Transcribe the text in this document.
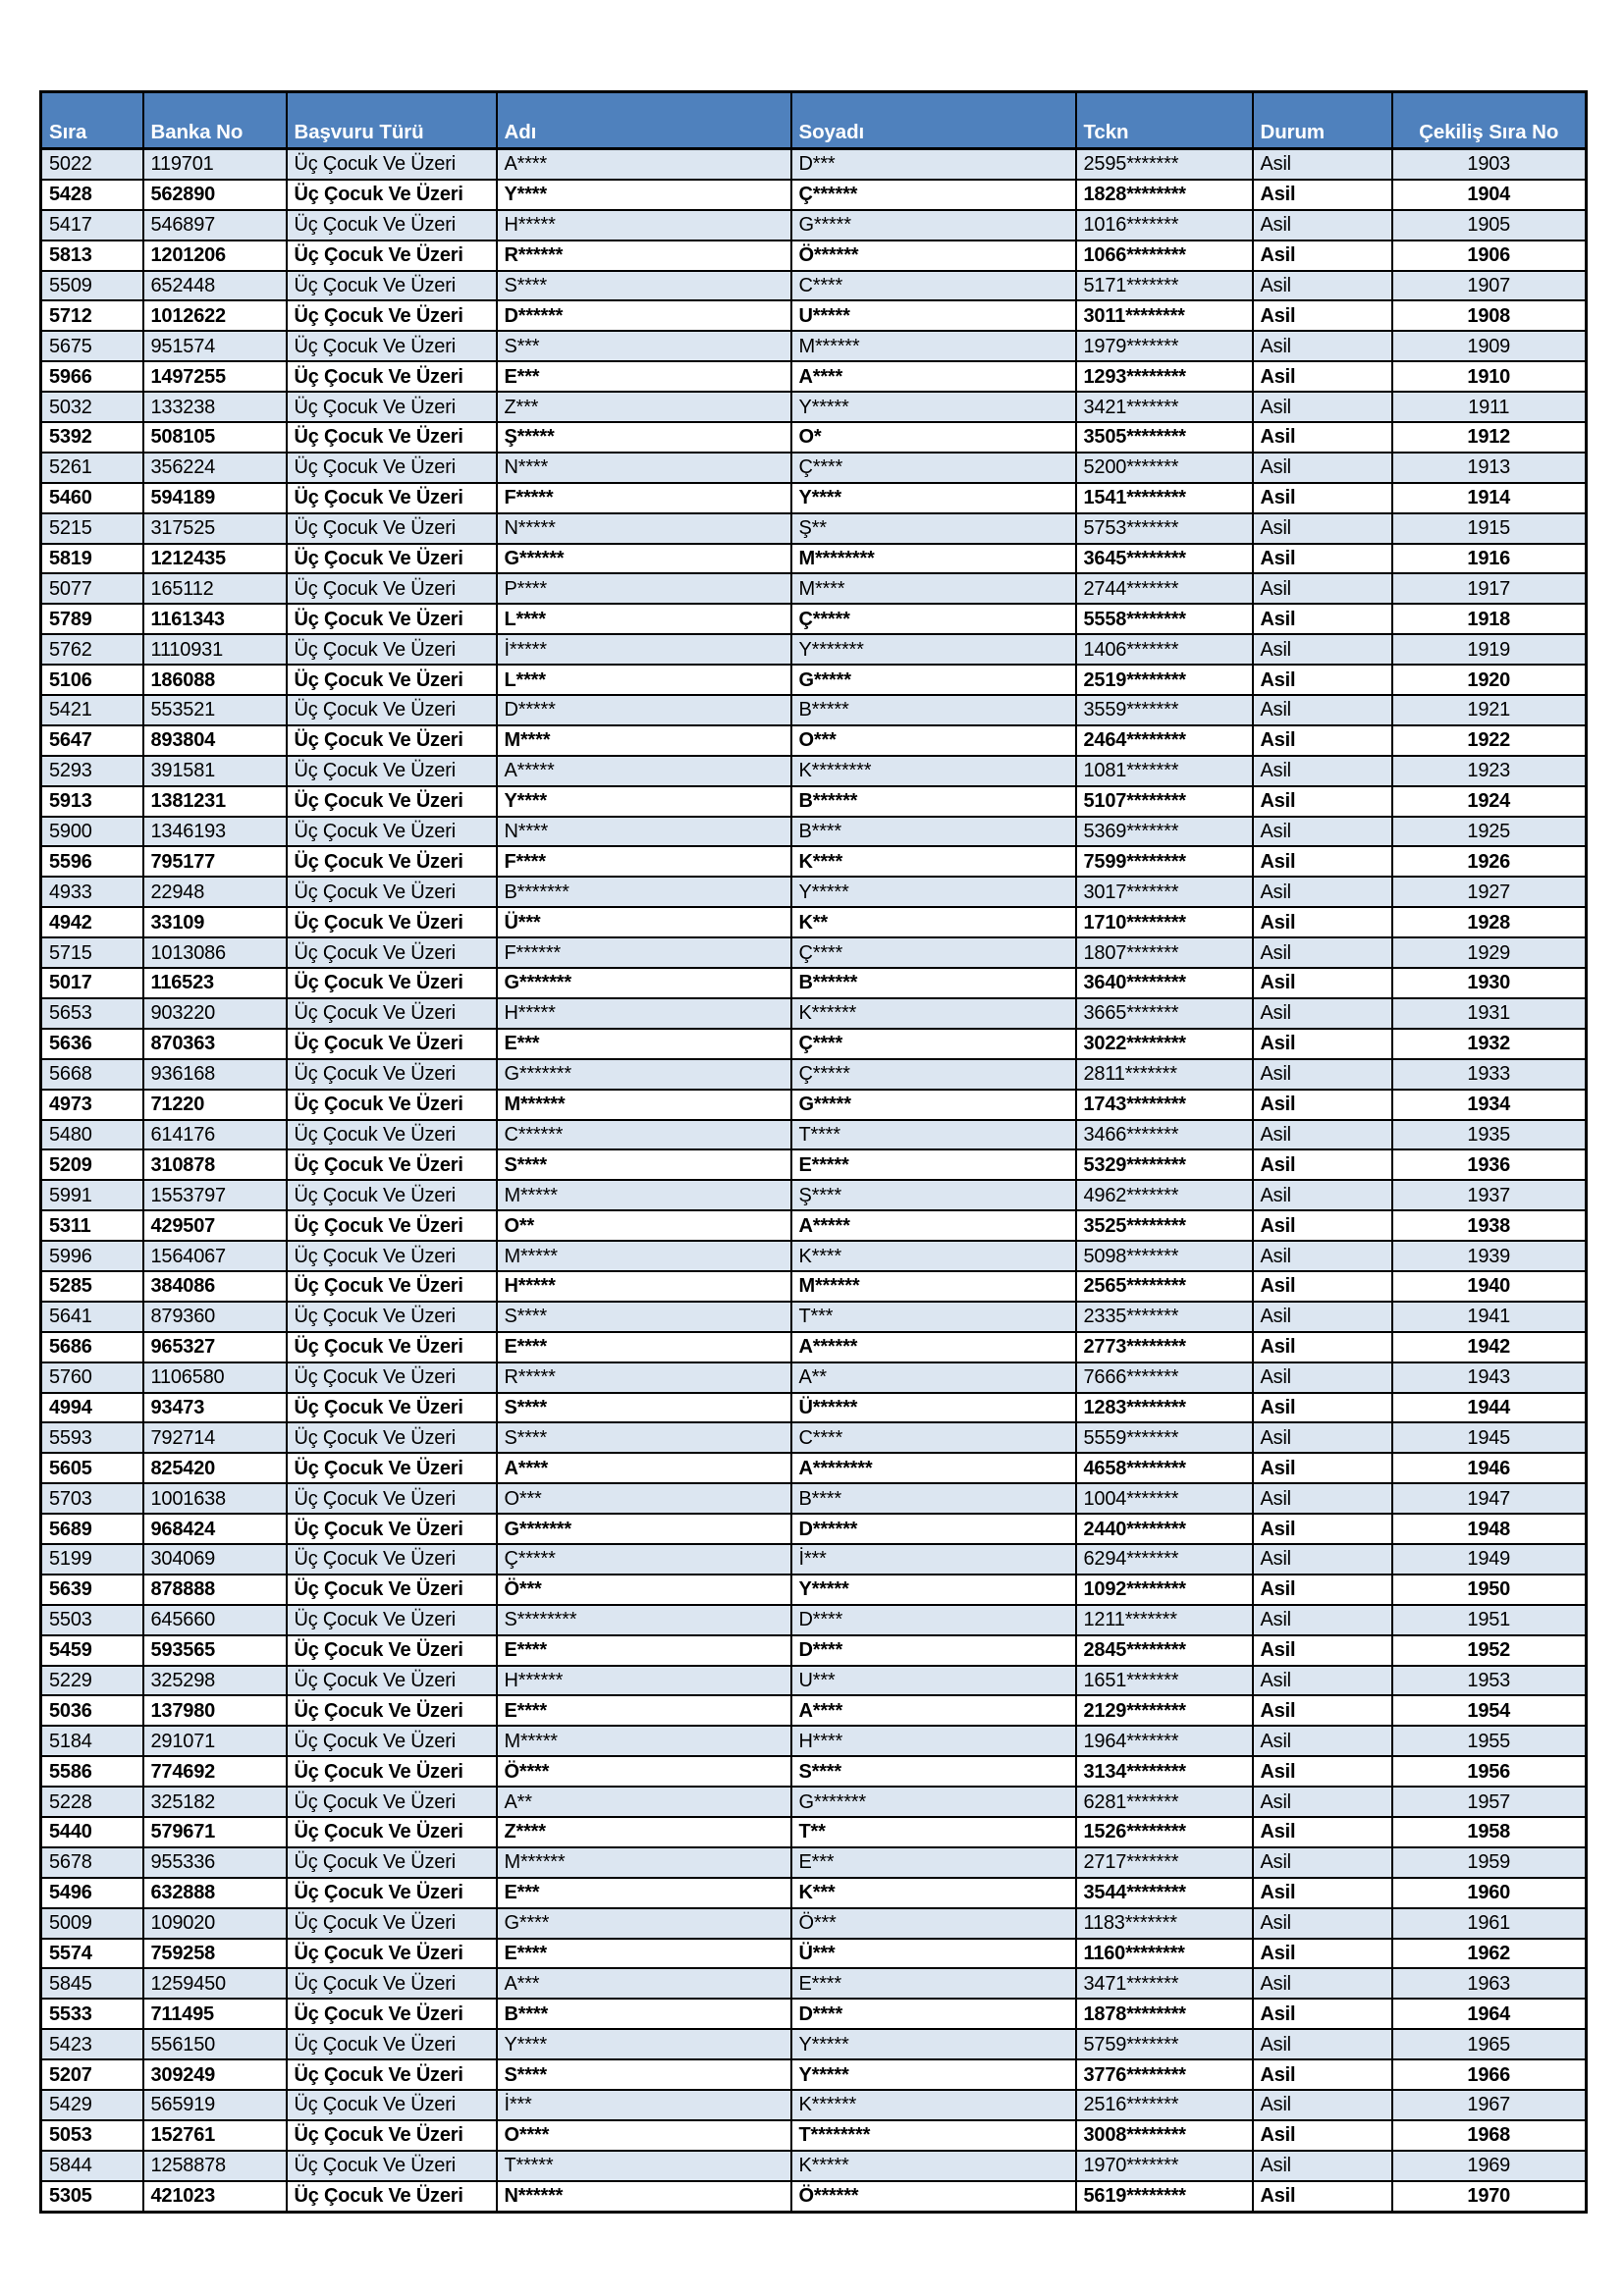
Sıra	Banka No	Başvuru Türü	Adı	Soyadı	Tckn	Durum	Çekiliş Sıra No
5022	119701	Üç Çocuk Ve Üzeri	A****	D***	2595*******	Asil	1903
5428	562890	Üç Çocuk Ve Üzeri	Y****	Ç******	1828********	Asil	1904
5417	546897	Üç Çocuk Ve Üzeri	H*****	G*****	1016*******	Asil	1905
5813	1201206	Üç Çocuk Ve Üzeri	R******	Ö******	1066********	Asil	1906
5509	652448	Üç Çocuk Ve Üzeri	S****	C****	5171*******	Asil	1907
5712	1012622	Üç Çocuk Ve Üzeri	D******	U*****	3011********	Asil	1908
5675	951574	Üç Çocuk Ve Üzeri	S***	M******	1979*******	Asil	1909
5966	1497255	Üç Çocuk Ve Üzeri	E***	A****	1293********	Asil	1910
5032	133238	Üç Çocuk Ve Üzeri	Z***	Y*****	3421*******	Asil	1911
5392	508105	Üç Çocuk Ve Üzeri	Ş*****	O*	3505********	Asil	1912
5261	356224	Üç Çocuk Ve Üzeri	N****	Ç****	5200*******	Asil	1913
5460	594189	Üç Çocuk Ve Üzeri	F*****	Y****	1541********	Asil	1914
5215	317525	Üç Çocuk Ve Üzeri	N*****	Ş**	5753*******	Asil	1915
5819	1212435	Üç Çocuk Ve Üzeri	G******	M********	3645********	Asil	1916
5077	165112	Üç Çocuk Ve Üzeri	P****	M****	2744*******	Asil	1917
5789	1161343	Üç Çocuk Ve Üzeri	L****	Ç*****	5558********	Asil	1918
5762	1110931	Üç Çocuk Ve Üzeri	İ*****	Y*******	1406*******	Asil	1919
5106	186088	Üç Çocuk Ve Üzeri	L****	G*****	2519********	Asil	1920
5421	553521	Üç Çocuk Ve Üzeri	D*****	B*****	3559*******	Asil	1921
5647	893804	Üç Çocuk Ve Üzeri	M****	O***	2464********	Asil	1922
5293	391581	Üç Çocuk Ve Üzeri	A*****	K********	1081*******	Asil	1923
5913	1381231	Üç Çocuk Ve Üzeri	Y****	B******	5107********	Asil	1924
5900	1346193	Üç Çocuk Ve Üzeri	N****	B****	5369*******	Asil	1925
5596	795177	Üç Çocuk Ve Üzeri	F****	K****	7599********	Asil	1926
4933	22948	Üç Çocuk Ve Üzeri	B*******	Y*****	3017*******	Asil	1927
4942	33109	Üç Çocuk Ve Üzeri	Ü***	K**	1710********	Asil	1928
5715	1013086	Üç Çocuk Ve Üzeri	F******	Ç****	1807*******	Asil	1929
5017	116523	Üç Çocuk Ve Üzeri	G*******	B******	3640********	Asil	1930
5653	903220	Üç Çocuk Ve Üzeri	H*****	K******	3665*******	Asil	1931
5636	870363	Üç Çocuk Ve Üzeri	E***	Ç****	3022********	Asil	1932
5668	936168	Üç Çocuk Ve Üzeri	G*******	Ç*****	2811*******	Asil	1933
4973	71220	Üç Çocuk Ve Üzeri	M******	G*****	1743********	Asil	1934
5480	614176	Üç Çocuk Ve Üzeri	C******	T****	3466*******	Asil	1935
5209	310878	Üç Çocuk Ve Üzeri	S****	E*****	5329********	Asil	1936
5991	1553797	Üç Çocuk Ve Üzeri	M*****	Ş****	4962*******	Asil	1937
5311	429507	Üç Çocuk Ve Üzeri	O**	A*****	3525********	Asil	1938
5996	1564067	Üç Çocuk Ve Üzeri	M*****	K****	5098*******	Asil	1939
5285	384086	Üç Çocuk Ve Üzeri	H*****	M******	2565********	Asil	1940
5641	879360	Üç Çocuk Ve Üzeri	S****	T***	2335*******	Asil	1941
5686	965327	Üç Çocuk Ve Üzeri	E****	A******	2773********	Asil	1942
5760	1106580	Üç Çocuk Ve Üzeri	R*****	A**	7666*******	Asil	1943
4994	93473	Üç Çocuk Ve Üzeri	S****	Ü******	1283********	Asil	1944
5593	792714	Üç Çocuk Ve Üzeri	S****	C****	5559*******	Asil	1945
5605	825420	Üç Çocuk Ve Üzeri	A****	A********	4658********	Asil	1946
5703	1001638	Üç Çocuk Ve Üzeri	O***	B****	1004*******	Asil	1947
5689	968424	Üç Çocuk Ve Üzeri	G*******	D******	2440********	Asil	1948
5199	304069	Üç Çocuk Ve Üzeri	Ç*****	İ***	6294*******	Asil	1949
5639	878888	Üç Çocuk Ve Üzeri	Ö***	Y*****	1092********	Asil	1950
5503	645660	Üç Çocuk Ve Üzeri	S********	D****	1211*******	Asil	1951
5459	593565	Üç Çocuk Ve Üzeri	E****	D****	2845********	Asil	1952
5229	325298	Üç Çocuk Ve Üzeri	H******	U***	1651*******	Asil	1953
5036	137980	Üç Çocuk Ve Üzeri	E****	A****	2129********	Asil	1954
5184	291071	Üç Çocuk Ve Üzeri	M*****	H****	1964*******	Asil	1955
5586	774692	Üç Çocuk Ve Üzeri	Ö****	S****	3134********	Asil	1956
5228	325182	Üç Çocuk Ve Üzeri	A**	G*******	6281*******	Asil	1957
5440	579671	Üç Çocuk Ve Üzeri	Z****	T**	1526********	Asil	1958
5678	955336	Üç Çocuk Ve Üzeri	M******	E***	2717*******	Asil	1959
5496	632888	Üç Çocuk Ve Üzeri	E***	K***	3544********	Asil	1960
5009	109020	Üç Çocuk Ve Üzeri	G****	Ö***	1183*******	Asil	1961
5574	759258	Üç Çocuk Ve Üzeri	E****	Ü***	1160********	Asil	1962
5845	1259450	Üç Çocuk Ve Üzeri	A***	E****	3471*******	Asil	1963
5533	711495	Üç Çocuk Ve Üzeri	B****	D****	1878********	Asil	1964
5423	556150	Üç Çocuk Ve Üzeri	Y****	Y*****	5759*******	Asil	1965
5207	309249	Üç Çocuk Ve Üzeri	S****	Y*****	3776********	Asil	1966
5429	565919	Üç Çocuk Ve Üzeri	İ***	K******	2516*******	Asil	1967
5053	152761	Üç Çocuk Ve Üzeri	O****	T********	3008********	Asil	1968
5844	1258878	Üç Çocuk Ve Üzeri	T*****	K*****	1970*******	Asil	1969
5305	421023	Üç Çocuk Ve Üzeri	N******	Ö******	5619********	Asil	1970
